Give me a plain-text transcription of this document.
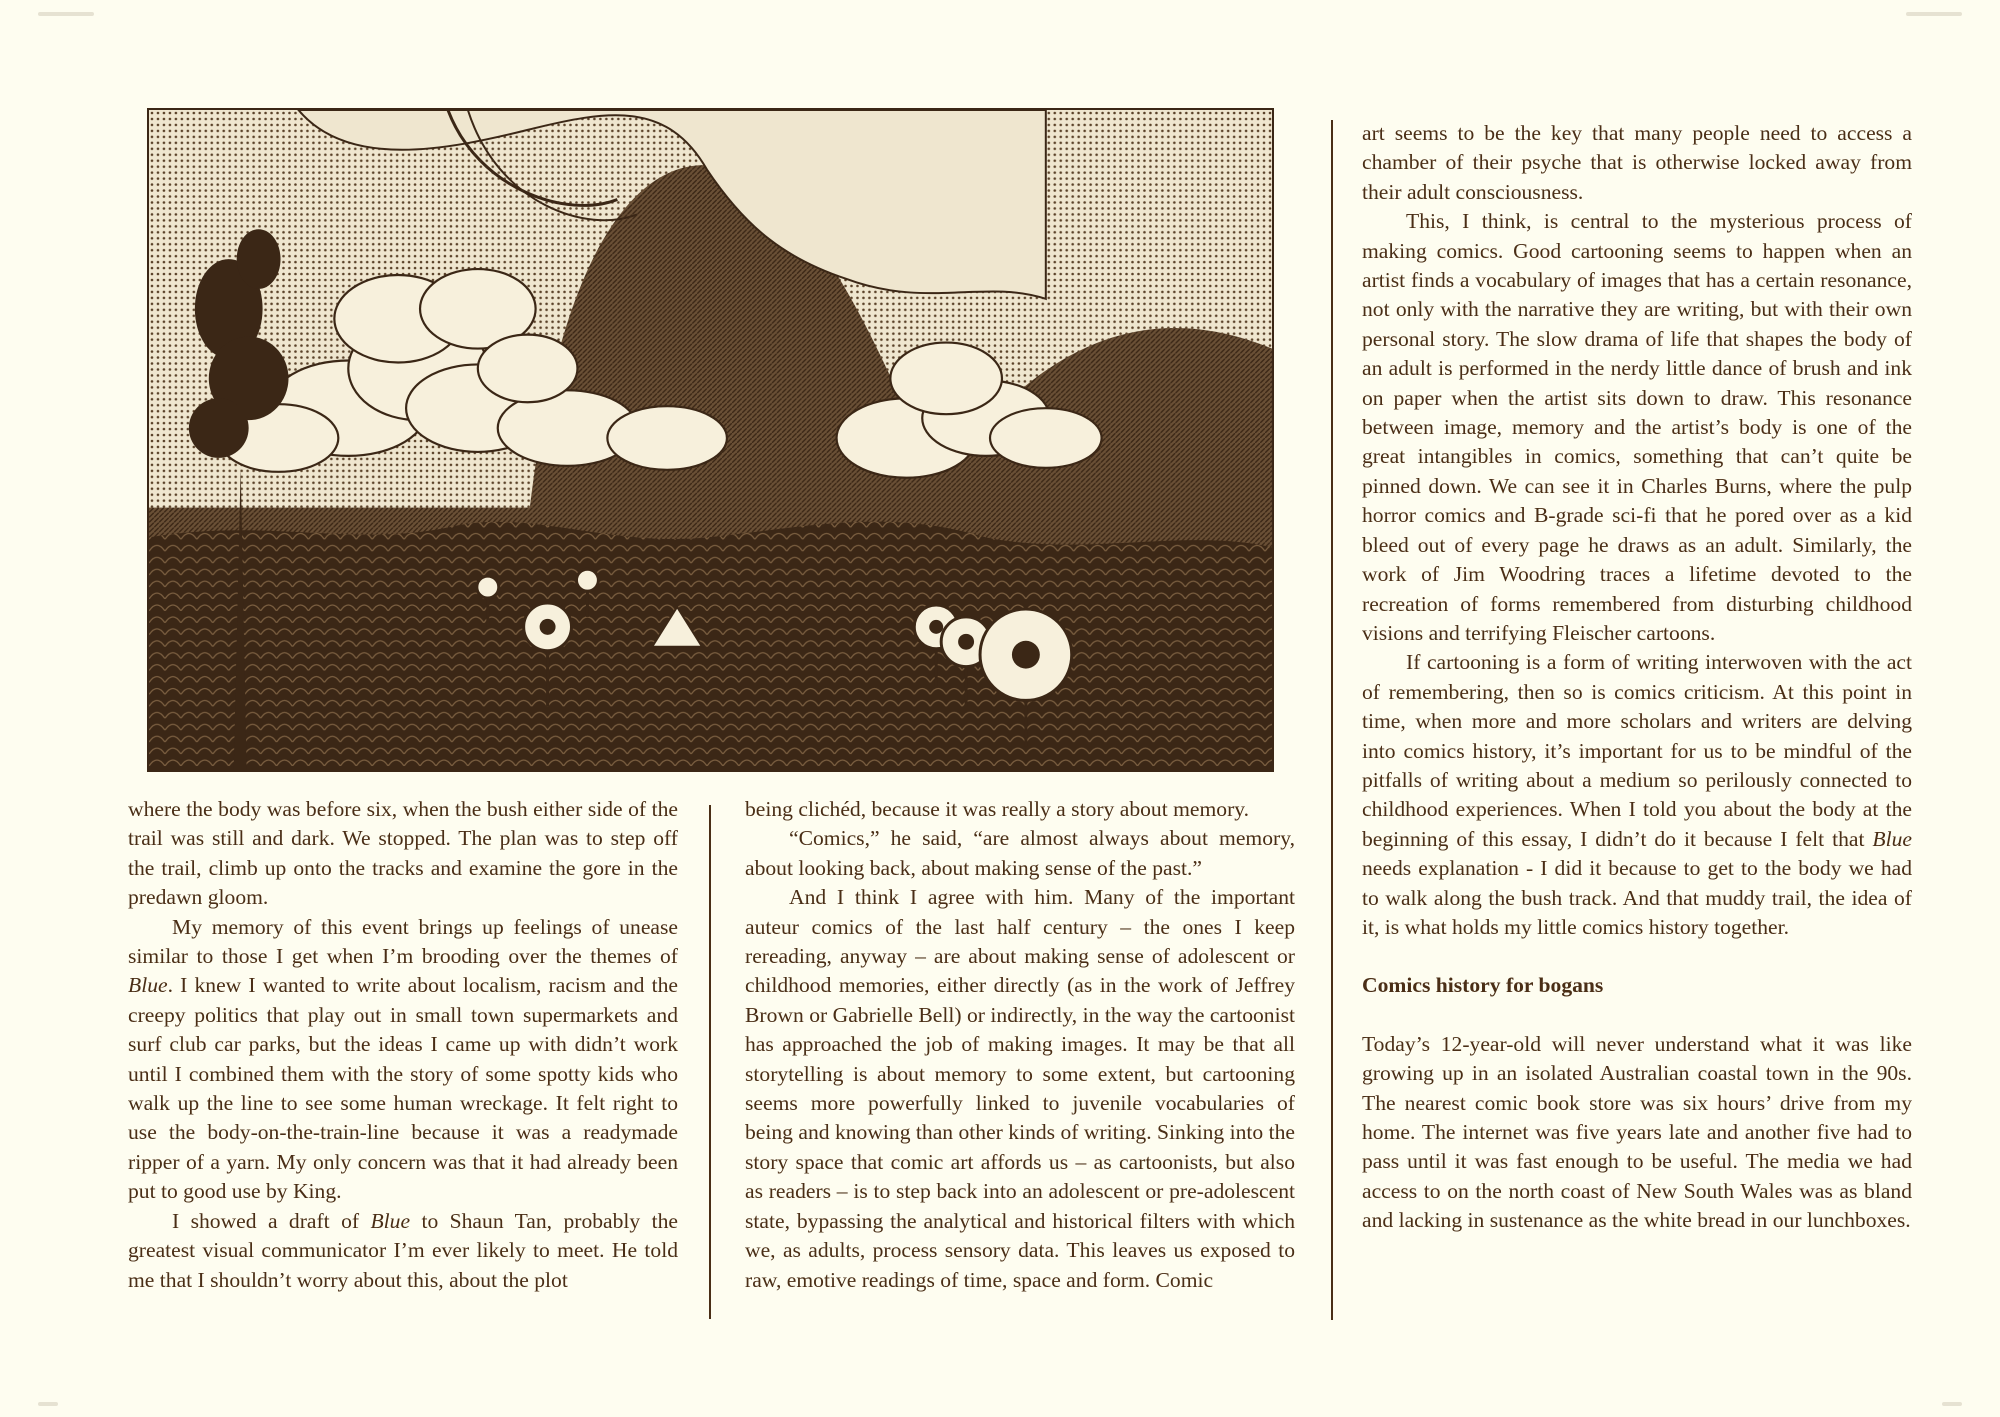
where the body was before six, when the bush either side of the trail was still and dark. We stopped. The plan was to step off the trail, climb up onto the tracks and examine the gore in the predawn gloom.

My memory of this event brings up feelings of unease similar to those I get when I’m brooding over the themes of Blue. I knew I wanted to write about localism, racism and the creepy politics that play out in small town supermarkets and surf club car parks, but the ideas I came up with didn’t work until I combined them with the story of some spotty kids who walk up the line to see some human wreckage. It felt right to use the body-on-the-train-line because it was a readymade ripper of a yarn. My only concern was that it had already been put to good use by King.

I showed a draft of Blue to Shaun Tan, probably the greatest visual communicator I’m ever likely to meet. He told me that I shouldn’t worry about this, about the plot

being clichéd, because it was really a story about memory.

“Comics,” he said, “are almost always about memory, about looking back, about making sense of the past.”

And I think I agree with him. Many of the important auteur comics of the last half century – the ones I keep rereading, anyway – are about making sense of adolescent or childhood memories, either directly (as in the work of Jeffrey Brown or Gabrielle Bell) or indirectly, in the way the cartoonist has approached the job of making images. It may be that all storytelling is about memory to some extent, but cartooning seems more powerfully linked to juvenile vocabularies of being and knowing than other kinds of writing. Sinking into the story space that comic art affords us – as cartoonists, but also as readers – is to step back into an adolescent or pre-adolescent state, bypassing the analytical and historical filters with which we, as adults, process sensory data. This leaves us exposed to raw, emotive readings of time, space and form. Comic

art seems to be the key that many people need to access a chamber of their psyche that is otherwise locked away from their adult consciousness.

This, I think, is central to the mysterious process of making comics. Good cartooning seems to happen when an artist finds a vocabulary of images that has a certain resonance, not only with the narrative they are writing, but with their own personal story. The slow drama of life that shapes the body of an adult is performed in the nerdy little dance of brush and ink on paper when the artist sits down to draw. This resonance between image, memory and the artist’s body is one of the great intangibles in comics, something that can’t quite be pinned down. We can see it in Charles Burns, where the pulp horror comics and B-grade sci-fi that he pored over as a kid bleed out of every page he draws as an adult. Similarly, the work of Jim Woodring traces a lifetime devoted to the recreation of forms remembered from disturbing childhood visions and terrifying Fleischer cartoons.

If cartooning is a form of writing interwoven with the act of remembering, then so is comics criticism. At this point in time, when more and more scholars and writers are delving into comics history, it’s important for us to be mindful of the pitfalls of writing about a medium so perilously connected to childhood experiences. When I told you about the body at the beginning of this essay, I didn’t do it because I felt that Blue needs explanation - I did it because to get to the body we had to walk along the bush track. And that muddy trail, the idea of it, is what holds my little comics history together.

Comics history for bogans

Today’s 12-year-old will never understand what it was like growing up in an isolated Australian coastal town in the 90s. The nearest comic book store was six hours’ drive from my home. The internet was five years late and another five had to pass until it was fast enough to be useful. The media we had access to on the north coast of New South Wales was as bland and lacking in sustenance as the white bread in our lunchboxes.
